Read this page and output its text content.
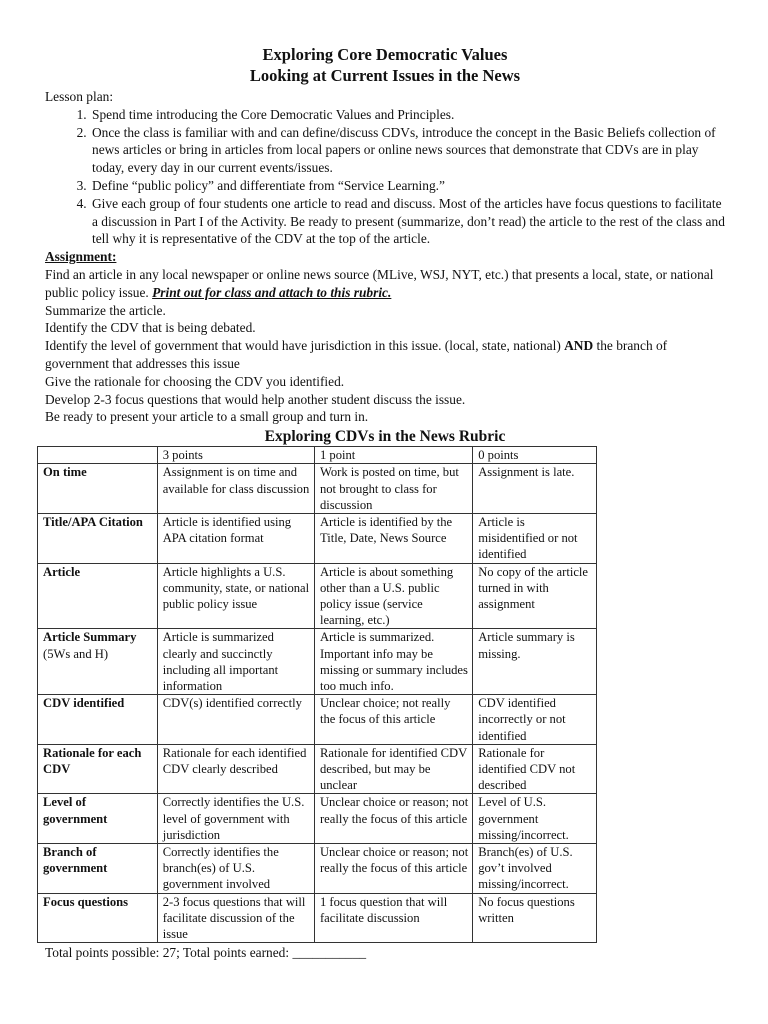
Exploring Core Democratic Values
Looking at Current Issues in the News
Lesson plan:
1. Spend time introducing the Core Democratic Values and Principles.
2. Once the class is familiar with and can define/discuss CDVs, introduce the concept in the Basic Beliefs collection of news articles or bring in articles from local papers or online news sources that demonstrate that CDVs are in play today, every day in our current events/issues.
3. Define “public policy” and differentiate from “Service Learning.”
4. Give each group of four students one article to read and discuss. Most of the articles have focus questions to facilitate a discussion in Part I of the Activity. Be ready to present (summarize, don’t read) the article to the rest of the class and tell why it is representative of the CDV at the top of the article.
Assignment:
Find an article in any local newspaper or online news source (MLive, WSJ, NYT, etc.) that presents a local, state, or national public policy issue. Print out for class and attach to this rubric.
Summarize the article.
Identify the CDV that is being debated.
Identify the level of government that would have jurisdiction in this issue. (local, state, national) AND the branch of government that addresses this issue
Give the rationale for choosing the CDV you identified.
Develop 2-3 focus questions that would help another student discuss the issue.
Be ready to present your article to a small group and turn in.
Exploring CDVs in the News Rubric
	3 points	1 point	0 points
On time	Assignment is on time and available for class discussion	Work is posted on time, but not brought to class for discussion	Assignment is late.
Title/APA Citation	Article is identified using APA citation format	Article is identified by the Title, Date, News Source	Article is misidentified or not identified
Article	Article highlights a U.S. community, state, or national public policy issue	Article is about something other than a U.S. public policy issue (service learning, etc.)	No copy of the article turned in with assignment

Article Summary
(5Ws and H)	Article is summarized clearly and succinctly including all important information	Article is summarized. Important info may be missing or summary includes too much info.	Article summary is missing.
CDV identified	CDV(s) identified correctly	Unclear choice; not really the focus of this article	CDV identified incorrectly or not identified
Rationale for each CDV	Rationale for each identified CDV clearly described	Rationale for identified CDV described, but may be unclear	Rationale for identified CDV not described
Level of government	Correctly identifies the U.S. level of government with jurisdiction	Unclear choice or reason; not really the focus of this article	Level of U.S. government missing/incorrect.
Branch of government	Correctly identifies the branch(es) of U.S. government involved	Unclear choice or reason; not really the focus of this article	Branch(es) of U.S. gov’t involved missing/incorrect.
Focus questions	2-3 focus questions that will facilitate discussion of the issue	1 focus question that will facilitate discussion	No focus questions written
Total points possible: 27; Total points earned: ___________
